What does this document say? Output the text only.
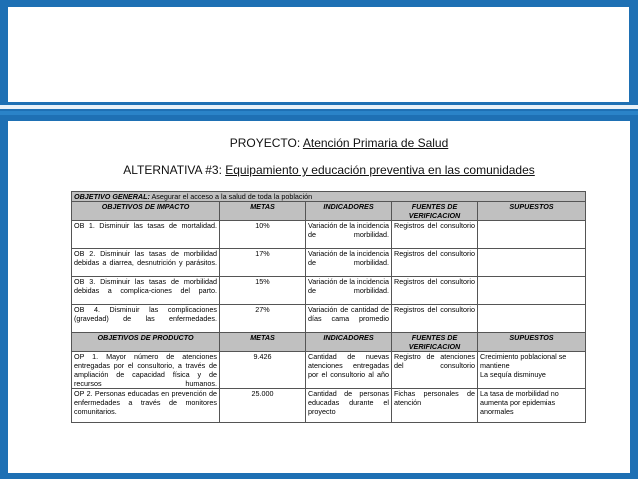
PROYECTO: Atención Primaria de Salud
ALTERNATIVA #3: Equipamiento y educación preventiva en las comunidades
OBJETIVO GENERAL: Asegurar el acceso a la salud de toda la población				
OBJETIVOS DE IMPACTO	METAS	INDICADORES	FUENTES DE VERIFICACION	SUPUESTOS
OB 1. Disminuir las tasas de mortalidad.	10%	Variación de la incidencia de morbilidad.	Registros del consultorio	
OB 2. Disminuir las tasas de morbilidad debidas a diarrea, desnutrición y parásitos.	17%	Variación de la incidencia de morbilidad.	Registros del consultorio	
OB 3. Disminuir las tasas de morbilidad debidas a complica-ciones del parto.	15%	Variación de la incidencia de morbilidad.	Registros del consultorio	
OB 4. Disminuir las complicaciones (gravedad) de las enfermedades.	27%	Variación de cantidad de días cama promedio	Registros del consultorio	
OBJETIVOS DE PRODUCTO	METAS	INDICADORES	FUENTES DE VERIFICACION	SUPUESTOS
OP 1. Mayor número de atenciones entregadas por el consultorio, a través de ampliación de capacidad física y de recursos humanos.	9.426	Cantidad de nuevas atenciones entregadas por el consultorio al año	Registro de atenciones del consultorio	Crecimiento poblacional se mantiene
La sequía disminuye
OP 2. Personas educadas en prevención de enfermedades a través de monitores comunitarios.	25.000	Cantidad de personas educadas durante el proyecto	Fichas personales de atención	La tasa de morbilidad no aumenta por epidemias anormales
